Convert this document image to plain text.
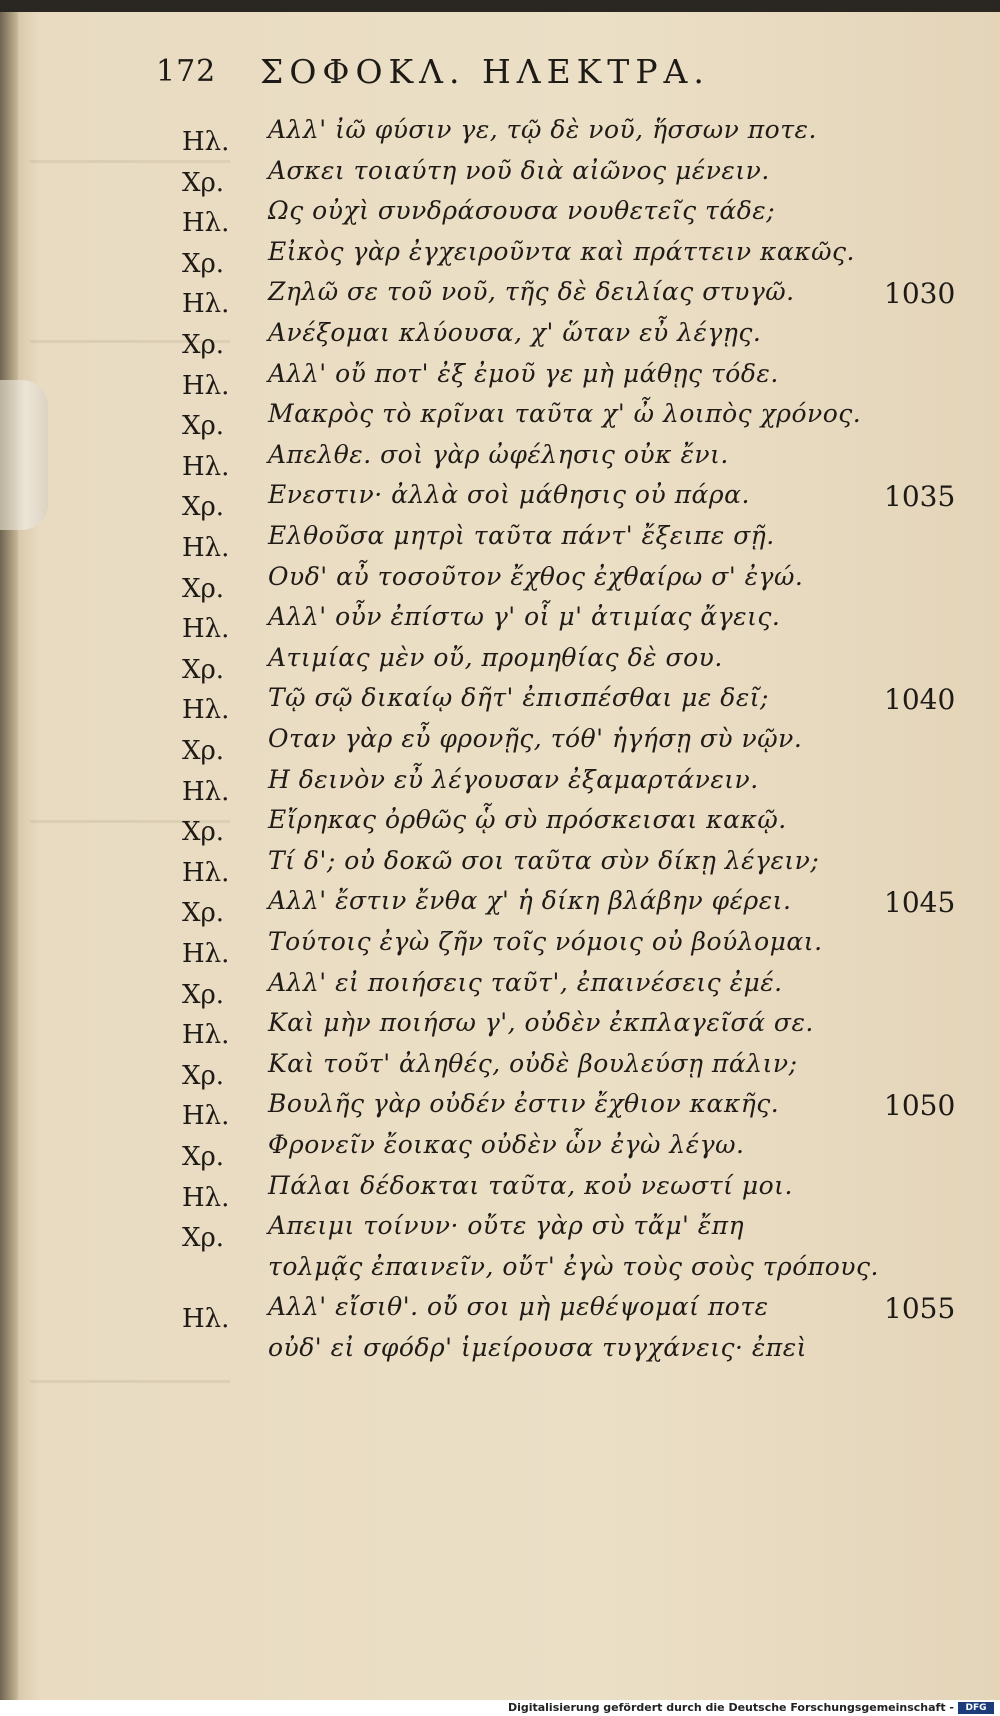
172 ΣΟΦΟΚΛ. ΗΛΕΚΤΡΑ.
Ηλ. Αλλ' ἰῶ φύσιν γε, τῷ δὲ νοῦ, ἥσσων ποτε.
Χρ. Ασκει τοιαύτη νοῦ διὰ αἰῶνος μένειν.
Ηλ. Ως οὐχὶ συνδράσουσα νουθετεῖς τάδε;
Χρ. Εἰκὸς γὰρ ἐγχειροῦντα καὶ πράττειν κακῶς.
Ηλ. Ζηλῶ σε τοῦ νοῦ, τῆς δὲ δειλίας στυγῶ.	1030
Χρ. Ανέξομαι κλύουσα, χ' ὥταν εὖ λέγῃς.
Ηλ. Αλλ' οὔ ποτ' ἐξ ἐμοῦ γε μὴ μάθῃς τόδε.
Χρ. Μακρὸς τὸ κρῖναι ταῦτα χ' ὦ λοιπὸς χρόνος.
Ηλ. Απελθε. σοὶ γὰρ ὠφέλησις οὐκ ἔνι.
Χρ. Ενεστιν· ἀλλὰ σοὶ μάθησις οὐ πάρα.	1035
Ηλ. Ελθοῦσα μητρὶ ταῦτα πάντ' ἔξειπε σῇ.
Χρ. Ουδ' αὖ τοσοῦτον ἔχθος ἐχθαίρω σ' ἐγώ.
Ηλ. Αλλ' οὖν ἐπίστω γ' οἷ μ' ἀτιμίας ἄγεις.
Χρ. Ατιμίας μὲν οὔ, προμηθίας δὲ σου.
Ηλ. Τῷ σῷ δικαίῳ δῆτ' ἐπισπέσθαι με δεῖ;	1040
Χρ. Οταν γὰρ εὖ φρονῇς, τόθ' ἡγήσῃ σὺ νῷν.
Ηλ. Η δεινὸν εὖ λέγουσαν ἐξαμαρτάνειν.
Χρ. Εἴρηκας ὀρθῶς ᾧ σὺ πρόσκεισαι κακῷ.
Ηλ. Τί δ'; οὐ δοκῶ σοι ταῦτα σὺν δίκῃ λέγειν;
Χρ. Αλλ' ἔστιν ἔνθα χ' ἡ δίκη βλάβην φέρει.	1045
Ηλ. Τούτοις ἐγὼ ζῆν τοῖς νόμοις οὐ βούλομαι.
Χρ. Αλλ' εἰ ποιήσεις ταῦτ', ἐπαινέσεις ἐμέ.
Ηλ. Καὶ μὴν ποιήσω γ', οὐδὲν ἐκπλαγεῖσά σε.
Χρ. Καὶ τοῦτ' ἀληθές, οὐδὲ βουλεύσῃ πάλιν;
Ηλ. Βουλῆς γὰρ οὐδέν ἐστιν ἔχθιον κακῆς.	1050
Χρ. Φρονεῖν ἔοικας οὐδὲν ὧν ἐγὼ λέγω.
Ηλ. Πάλαι δέδοκται ταῦτα, κοὐ νεωστί μοι.
Χρ. Απειμι τοίνυν· οὔτε γὰρ σὺ τἄμ' ἔπη
τολμᾷς ἐπαινεῖν, οὔτ' ἐγὼ τοὺς σοὺς τρόπους.
Ηλ. Αλλ' εἴσιθ'. οὔ σοι μὴ μεθέψομαί ποτε	1055
οὐδ' εἰ σφόδρ' ἱμείρουσα τυγχάνεις· ἐπεὶ
Digitalisierung gefördert durch die Deutsche Forschungsgemeinschaft -	DFG
